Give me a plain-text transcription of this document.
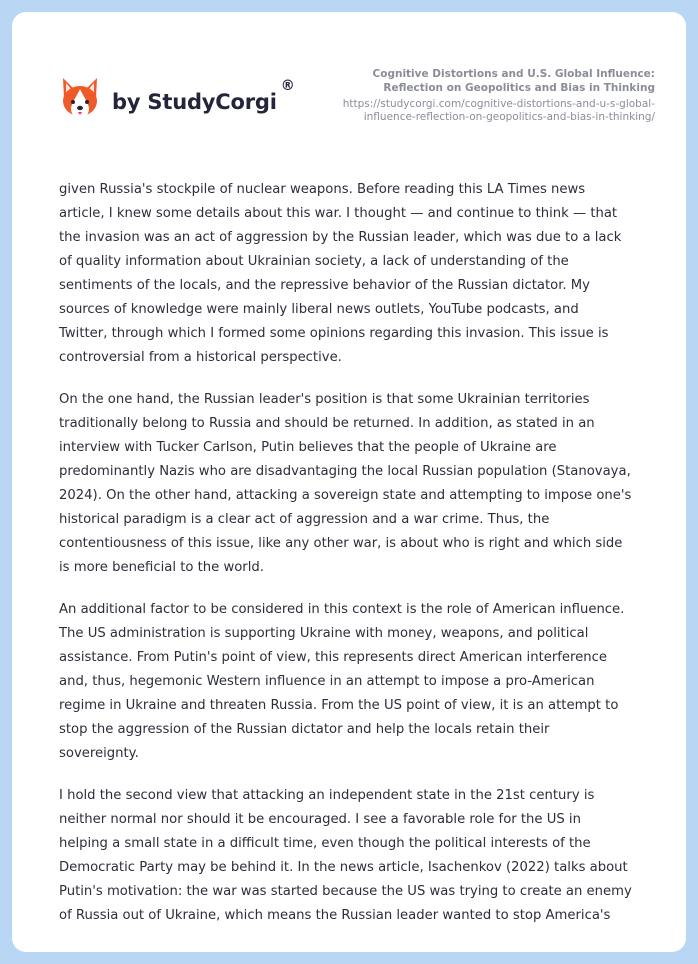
by StudyCorgi
®
Cognitive Distortions and U.S. Global Influence:
Reflection on Geopolitics and Bias in Thinking
https://studycorgi.com/cognitive-distortions-and-u-s-global-
influence-reflection-on-geopolitics-and-bias-in-thinking/
given Russia's stockpile of nuclear weapons. Before reading this LA Times news
article, I knew some details about this war. I thought — and continue to think — that
the invasion was an act of aggression by the Russian leader, which was due to a lack
of quality information about Ukrainian society, a lack of understanding of the
sentiments of the locals, and the repressive behavior of the Russian dictator. My
sources of knowledge were mainly liberal news outlets, YouTube podcasts, and
Twitter, through which I formed some opinions regarding this invasion. This issue is
controversial from a historical perspective.
On the one hand, the Russian leader's position is that some Ukrainian territories
traditionally belong to Russia and should be returned. In addition, as stated in an
interview with Tucker Carlson, Putin believes that the people of Ukraine are
predominantly Nazis who are disadvantaging the local Russian population (Stanovaya,
2024). On the other hand, attacking a sovereign state and attempting to impose one's
historical paradigm is a clear act of aggression and a war crime. Thus, the
contentiousness of this issue, like any other war, is about who is right and which side
is more beneficial to the world.
An additional factor to be considered in this context is the role of American influence.
The US administration is supporting Ukraine with money, weapons, and political
assistance. From Putin's point of view, this represents direct American interference
and, thus, hegemonic Western influence in an attempt to impose a pro-American
regime in Ukraine and threaten Russia. From the US point of view, it is an attempt to
stop the aggression of the Russian dictator and help the locals retain their
sovereignty.
I hold the second view that attacking an independent state in the 21st century is
neither normal nor should it be encouraged. I see a favorable role for the US in
helping a small state in a difficult time, even though the political interests of the
Democratic Party may be behind it. In the news article, Isachenkov (2022) talks about
Putin's motivation: the war was started because the US was trying to create an enemy
of Russia out of Ukraine, which means the Russian leader wanted to stop America's
